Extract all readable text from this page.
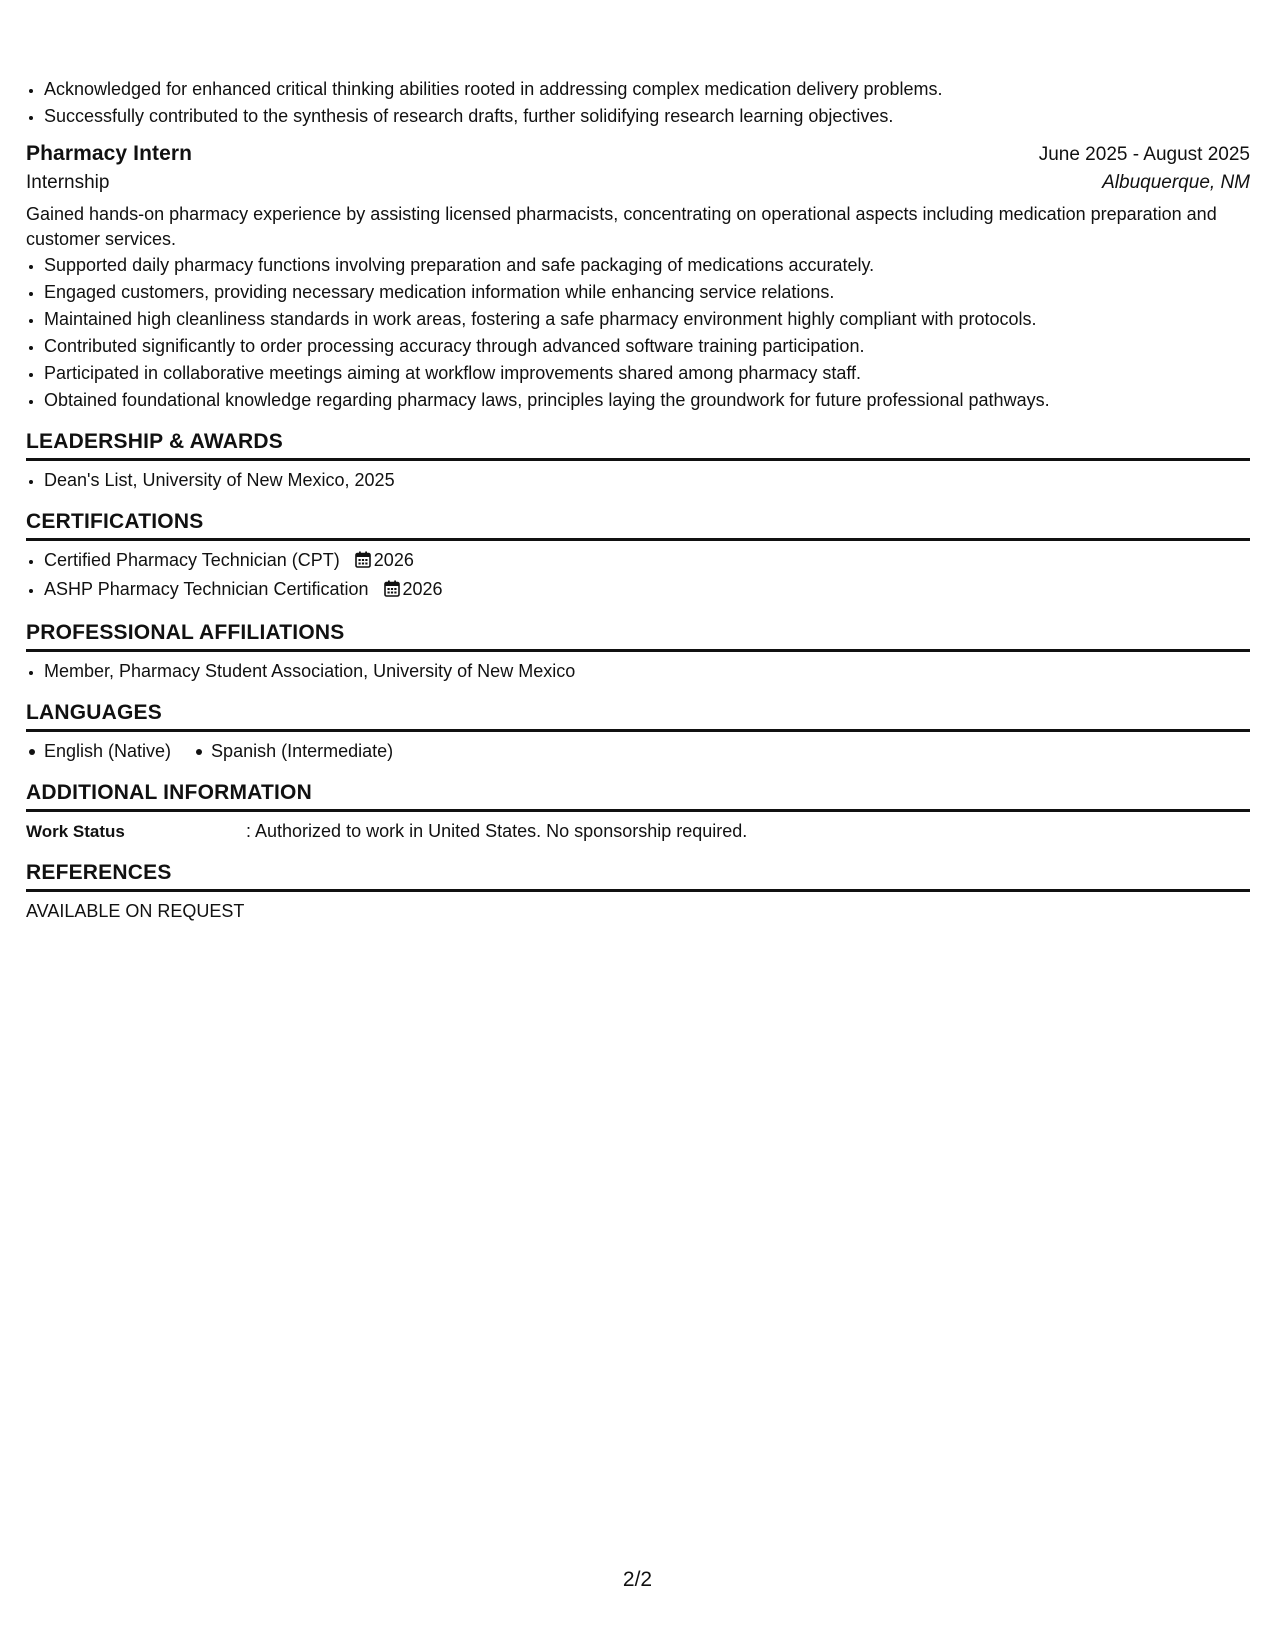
• Acknowledged for enhanced critical thinking abilities rooted in addressing complex medication delivery problems.
• Successfully contributed to the synthesis of research drafts, further solidifying research learning objectives.
Pharmacy Intern	June 2025 - August 2025
Internship	Albuquerque, NM
Gained hands-on pharmacy experience by assisting licensed pharmacists, concentrating on operational aspects including medication preparation and customer services.
• Supported daily pharmacy functions involving preparation and safe packaging of medications accurately.
• Engaged customers, providing necessary medication information while enhancing service relations.
• Maintained high cleanliness standards in work areas, fostering a safe pharmacy environment highly compliant with protocols.
• Contributed significantly to order processing accuracy through advanced software training participation.
• Participated in collaborative meetings aiming at workflow improvements shared among pharmacy staff.
• Obtained foundational knowledge regarding pharmacy laws, principles laying the groundwork for future professional pathways.
LEADERSHIP & AWARDS
• Dean's List, University of New Mexico, 2025
CERTIFICATIONS
• Certified Pharmacy Technician (CPT) 2026
• ASHP Pharmacy Technician Certification 2026
PROFESSIONAL AFFILIATIONS
• Member, Pharmacy Student Association, University of New Mexico
LANGUAGES
English (Native)	Spanish (Intermediate)
ADDITIONAL INFORMATION
Work Status	: Authorized to work in United States. No sponsorship required.
REFERENCES
AVAILABLE ON REQUEST
2/2
